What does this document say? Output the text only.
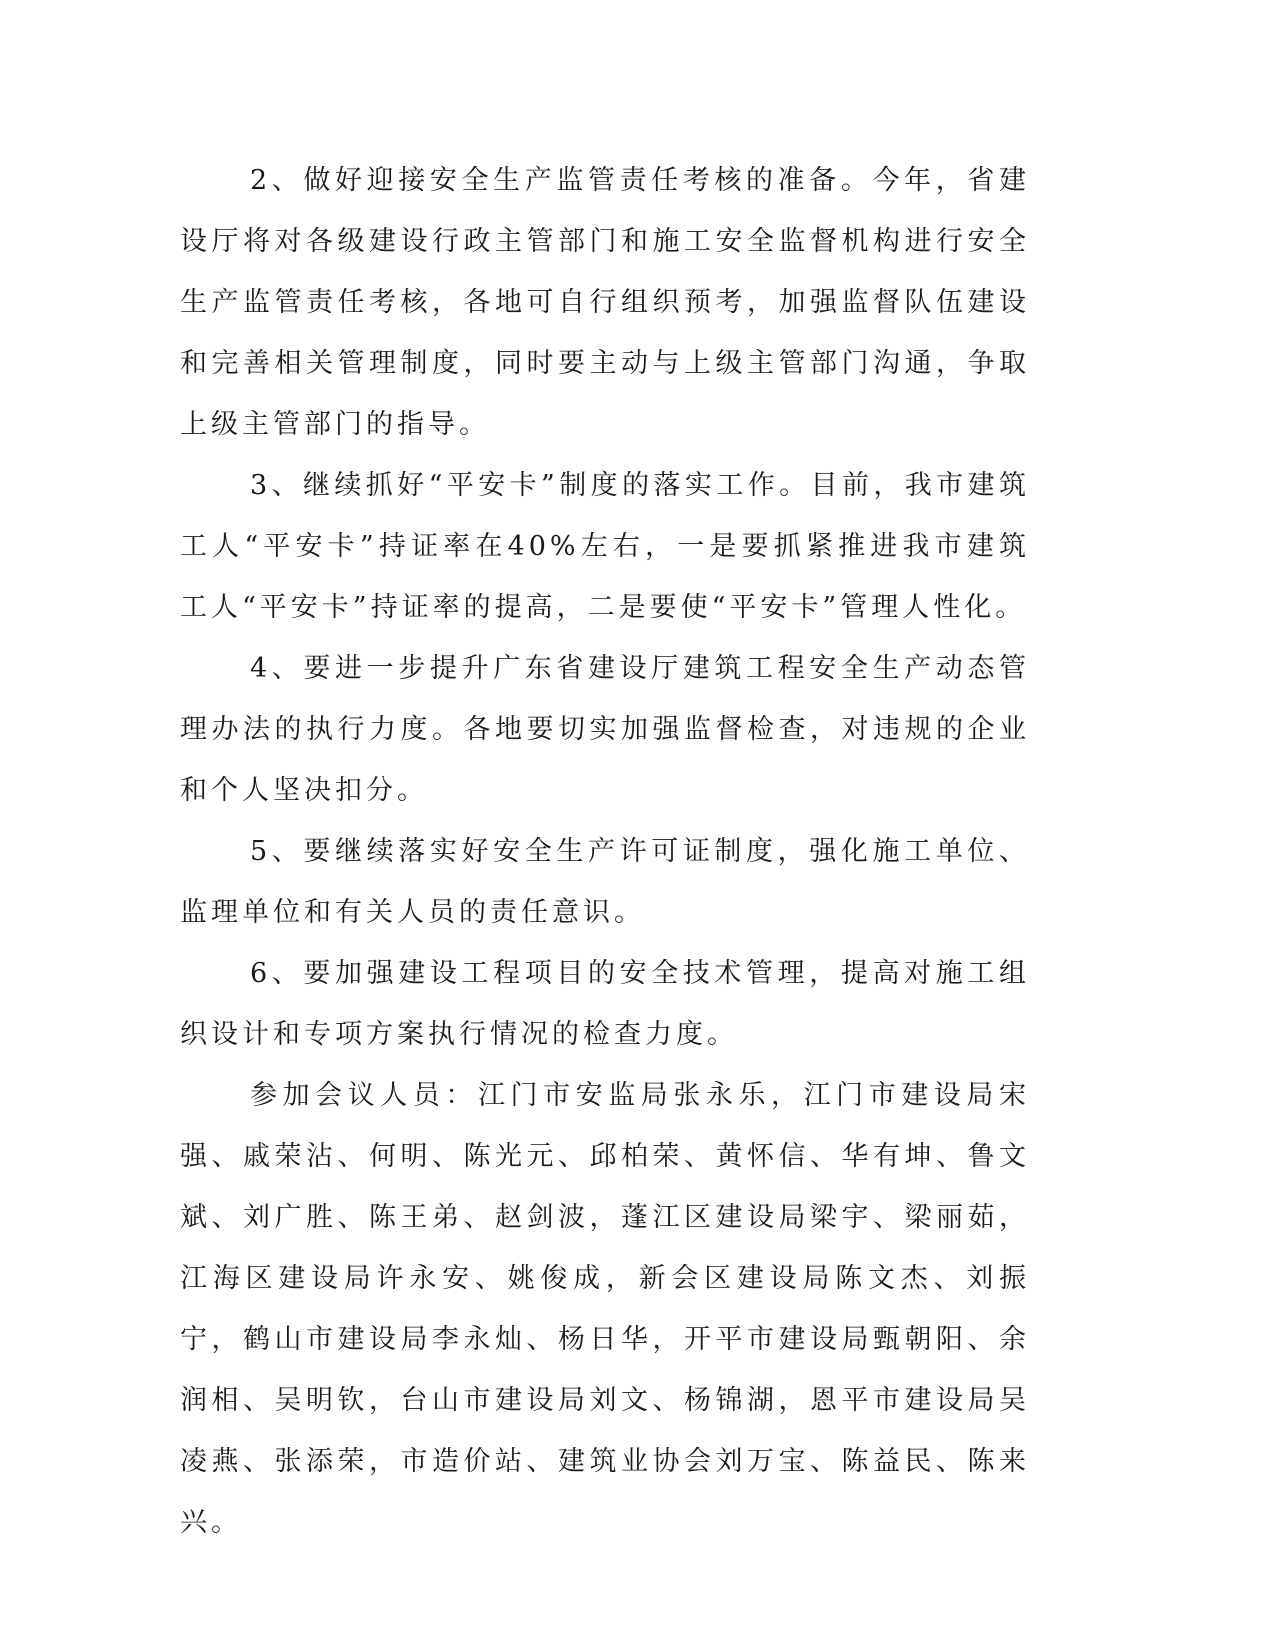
2、做好迎接安全生产监管责任考核的准备。今年，省建设厅将对各级建设行政主管部门和施工安全监督机构进行安全生产监管责任考核，各地可自行组织预考，加强监督队伍建设和完善相关管理制度，同时要主动与上级主管部门沟通，争取上级主管部门的指导。

3、继续抓好“平安卡”制度的落实工作。目前，我市建筑工人“平安卡”持证率在40%左右，一是要抓紧推进我市建筑工人“平安卡”持证率的提高，二是要使“平安卡”管理人性化。

4、要进一步提升广东省建设厅建筑工程安全生产动态管理办法的执行力度。各地要切实加强监督检查，对违规的企业和个人坚决扣分。

5、要继续落实好安全生产许可证制度，强化施工单位、监理单位和有关人员的责任意识。

6、要加强建设工程项目的安全技术管理，提高对施工组织设计和专项方案执行情况的检查力度。

参加会议人员：江门市安监局张永乐，江门市建设局宋强、戚荣沾、何明、陈光元、邱柏荣、黄怀信、华有坤、鲁文斌、刘广胜、陈王弟、赵剑波，蓬江区建设局梁宇、梁丽茹，江海区建设局许永安、姚俊成，新会区建设局陈文杰、刘振宁，鹤山市建设局李永灿、杨日华，开平市建设局甄朝阳、余润相、吴明钦，台山市建设局刘文、杨锦湖，恩平市建设局吴凌燕、张添荣，市造价站、建筑业协会刘万宝、陈益民、陈来兴。
